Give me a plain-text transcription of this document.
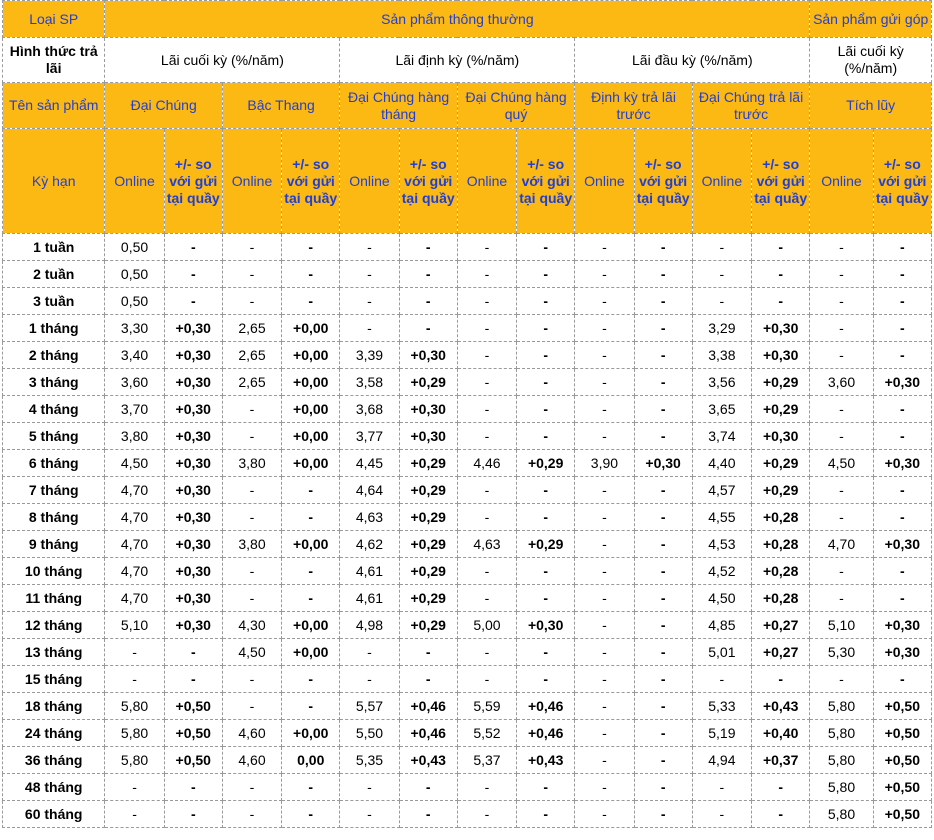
Loại SP	Sản phẩm thông thường												Sản phẩm gửi góp	
Hình thức trả lãi	Lãi cuối kỳ (%/năm)				Lãi định kỳ (%/năm)				Lãi đầu kỳ (%/năm)				Lãi cuối kỳ (%/năm)	
Tên sản phẩm	Đại Chúng		Bậc Thang		Đại Chúng hàng tháng		Đại Chúng hàng quý		Định kỳ trả lãi trước		Đại Chúng trả lãi trước		Tích lũy	
Kỳ hạn	Online	+/- so với gửi tại quầy	Online	+/- so với gửi tại quầy	Online	+/- so với gửi tại quầy	Online	+/- so với gửi tại quầy	Online	+/- so với gửi tại quầy	Online	+/- so với gửi tại quầy	Online	+/- so với gửi tại quầy
1 tuần	0,50	-	-	-	-	-	-	-	-	-	-	-	-	-
2 tuần	0,50	-	-	-	-	-	-	-	-	-	-	-	-	-
3 tuần	0,50	-	-	-	-	-	-	-	-	-	-	-	-	-
1 tháng	3,30	+0,30	2,65	+0,00	-	-	-	-	-	-	3,29	+0,30	-	-
2 tháng	3,40	+0,30	2,65	+0,00	3,39	+0,30	-	-	-	-	3,38	+0,30	-	-
3 tháng	3,60	+0,30	2,65	+0,00	3,58	+0,29	-	-	-	-	3,56	+0,29	3,60	+0,30
4 tháng	3,70	+0,30	-	+0,00	3,68	+0,30	-	-	-	-	3,65	+0,29	-	-
5 tháng	3,80	+0,30	-	+0,00	3,77	+0,30	-	-	-	-	3,74	+0,30	-	-
6 tháng	4,50	+0,30	3,80	+0,00	4,45	+0,29	4,46	+0,29	3,90	+0,30	4,40	+0,29	4,50	+0,30
7 tháng	4,70	+0,30	-	-	4,64	+0,29	-	-	-	-	4,57	+0,29	-	-
8 tháng	4,70	+0,30	-	-	4,63	+0,29	-	-	-	-	4,55	+0,28	-	-
9 tháng	4,70	+0,30	3,80	+0,00	4,62	+0,29	4,63	+0,29	-	-	4,53	+0,28	4,70	+0,30
10 tháng	4,70	+0,30	-	-	4,61	+0,29	-	-	-	-	4,52	+0,28	-	-
11 tháng	4,70	+0,30	-	-	4,61	+0,29	-	-	-	-	4,50	+0,28	-	-
12 tháng	5,10	+0,30	4,30	+0,00	4,98	+0,29	5,00	+0,30	-	-	4,85	+0,27	5,10	+0,30
13 tháng	-	-	4,50	+0,00	-	-	-	-	-	-	5,01	+0,27	5,30	+0,30
15 tháng	-	-	-	-	-	-	-	-	-	-	-	-	-	-
18 tháng	5,80	+0,50	-	-	5,57	+0,46	5,59	+0,46	-	-	5,33	+0,43	5,80	+0,50
24 tháng	5,80	+0,50	4,60	+0,00	5,50	+0,46	5,52	+0,46	-	-	5,19	+0,40	5,80	+0,50
36 tháng	5,80	+0,50	4,60	0,00	5,35	+0,43	5,37	+0,43	-	-	4,94	+0,37	5,80	+0,50
48 tháng	-	-	-	-	-	-	-	-	-	-	-	-	5,80	+0,50
60 tháng	-	-	-	-	-	-	-	-	-	-	-	-	5,80	+0,50
